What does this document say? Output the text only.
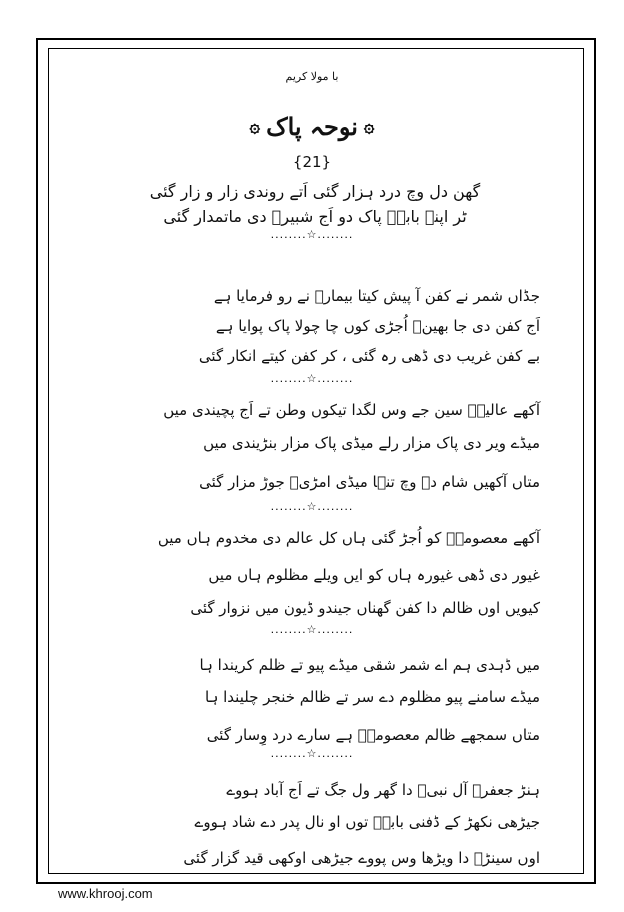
با مولا کریم
۞
نوحہ پاک
۞
{21}
گھن دل وچ درد ہزار گئی اَتے روندی زار و زار گئی
ٹر اپنے بابےؑ پاک دو اَج شبیرؑ دی ماتمدار گئی
........☆........
جڈاں شمر نے کفن آ پیش کیتا بیمارؑ نے رو فرمایا ہے
اَج کفن دی جا بھینؑ اُجڑی کوں چا چولا پاک پوایا ہے
بے کفن غریب دی ڈھی رہ گئی ، کر کفن کیتے انکار گئی
........☆........
آکھے عالیہؑ سین جے وس لگدا تیکوں وطن تے اَج پچیندی میں
میڈے ویر دی پاک مزار رلے میڈی پاک مزار بنڑیندی میں
متاں آکھیں شام دے وچ تنہا میڈی امڑیؑ جوڑ مزار گئی
........☆........
آکھے معصومہؑ کو اُجڑ گئی ہاں کل عالم دی مخدوم ہاں میں
غیور دی ڈھی غیورہ ہاں کو ایں ویلے مظلوم ہاں میں
کیویں اوں ظالم دا کفن گھناں جیندو ڈیون میں نزوار گئی
........☆........
میں ڈہدی ہم اے شمر شقی میڈے پیو تے ظلم کریندا ہا
میڈے سامنے پیو مظلوم دے سر تے ظالم خنجر چلیندا ہا
متاں سمجھے ظالم معصومہؑ ہے سارے درد وِسار گئی
........☆........
ہنڑ جعفرؑ آل نبیؐ دا گھر ول جگ تے اَج آباد ہووے
جیڑھی نکھڑ کے ڈفنی بابےؑ توں او نال پدر دے شاد ہووے
اوں سینڑؑ دا ویڑھا وس پووے جیڑھی اوکھی قید گزار گئی
www.khrooj.com
